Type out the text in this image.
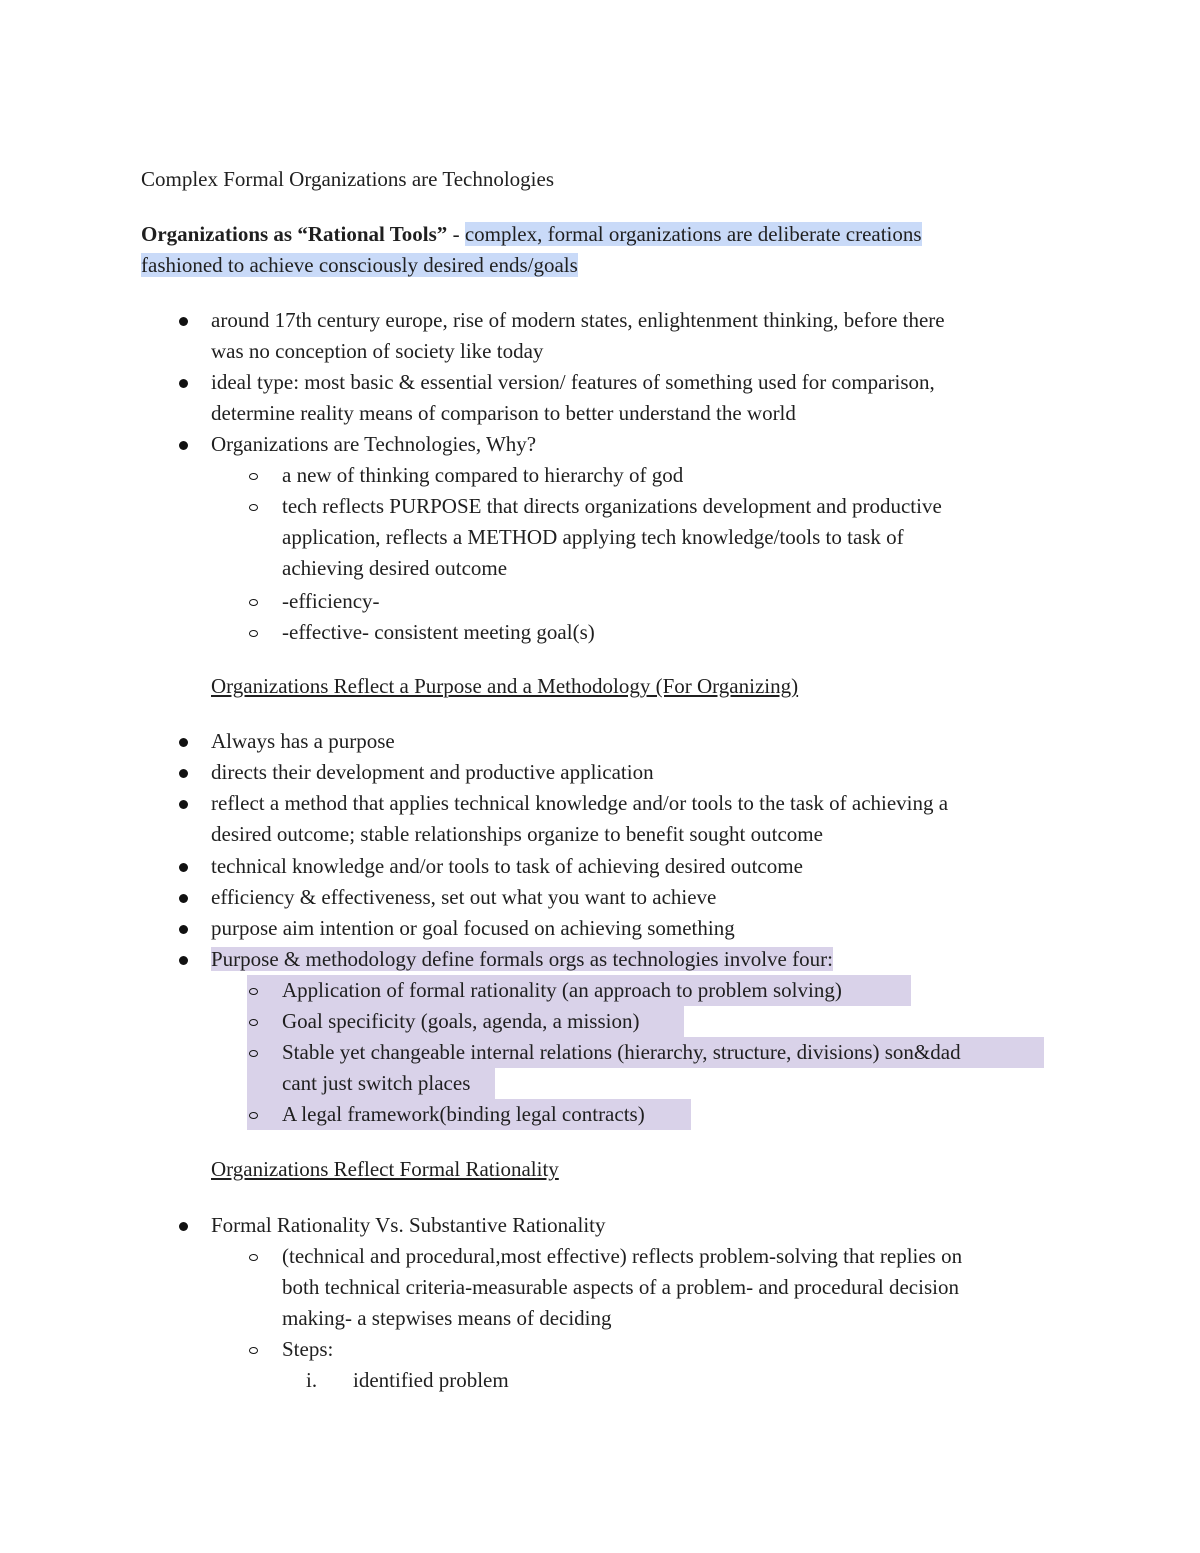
Complex Formal Organizations are Technologies
Organizations as “Rational Tools” - complex, formal organizations are deliberate creations
fashioned to achieve consciously desired ends/goals
around 17th century europe, rise of modern states, enlightenment thinking, before there
was no conception of society like today
ideal type: most basic & essential version/ features of something used for comparison,
determine reality means of comparison to better understand the world
Organizations are Technologies, Why?
a new of thinking compared to hierarchy of god
tech reflects PURPOSE that directs organizations development and productive
application, reflects a METHOD applying tech knowledge/tools to task of
achieving desired outcome
-efficiency-
-effective- consistent meeting goal(s)
Organizations Reflect a Purpose and a Methodology (For Organizing)
Always has a purpose
directs their development and productive application
reflect a method that applies technical knowledge and/or tools to the task of achieving a
desired outcome; stable relationships organize to benefit sought outcome
technical knowledge and/or tools to task of achieving desired outcome
efficiency & effectiveness, set out what you want to achieve
purpose aim intention or goal focused on achieving something
Purpose & methodology define formals orgs as technologies involve four:
Application of formal rationality (an approach to problem solving)
Goal specificity (goals, agenda, a mission)
Stable yet changeable internal relations (hierarchy, structure, divisions) son&dad
cant just switch places
A legal framework(binding legal contracts)
Organizations Reflect Formal Rationality
Formal Rationality Vs. Substantive Rationality
(technical and procedural,most effective) reflects problem-solving that replies on
both technical criteria-measurable aspects of a problem- and procedural decision
making- a stepwises means of deciding
Steps:
i. identified problem
